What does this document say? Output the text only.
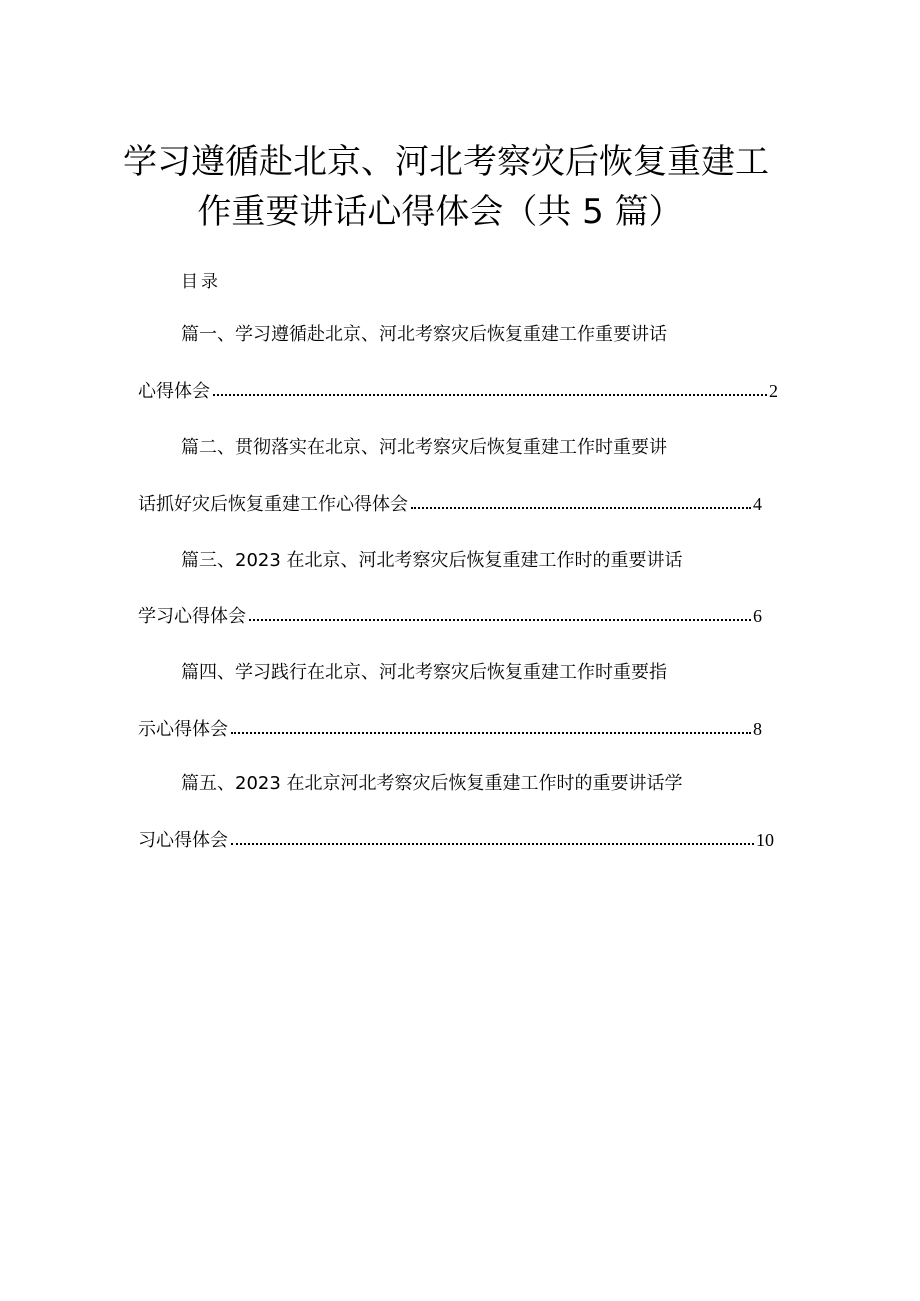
学习遵循赴北京、河北考察灾后恢复重建工
作重要讲话心得体会（共 5 篇）
目录
篇一、学习遵循赴北京、河北考察灾后恢复重建工作重要讲话
心得体会	2
篇二、贯彻落实在北京、河北考察灾后恢复重建工作时重要讲
话抓好灾后恢复重建工作心得体会	4
篇三、2023 在北京、河北考察灾后恢复重建工作时的重要讲话
学习心得体会	6
篇四、学习践行在北京、河北考察灾后恢复重建工作时重要指
示心得体会	8
篇五、2023 在北京河北考察灾后恢复重建工作时的重要讲话学
习心得体会	10
